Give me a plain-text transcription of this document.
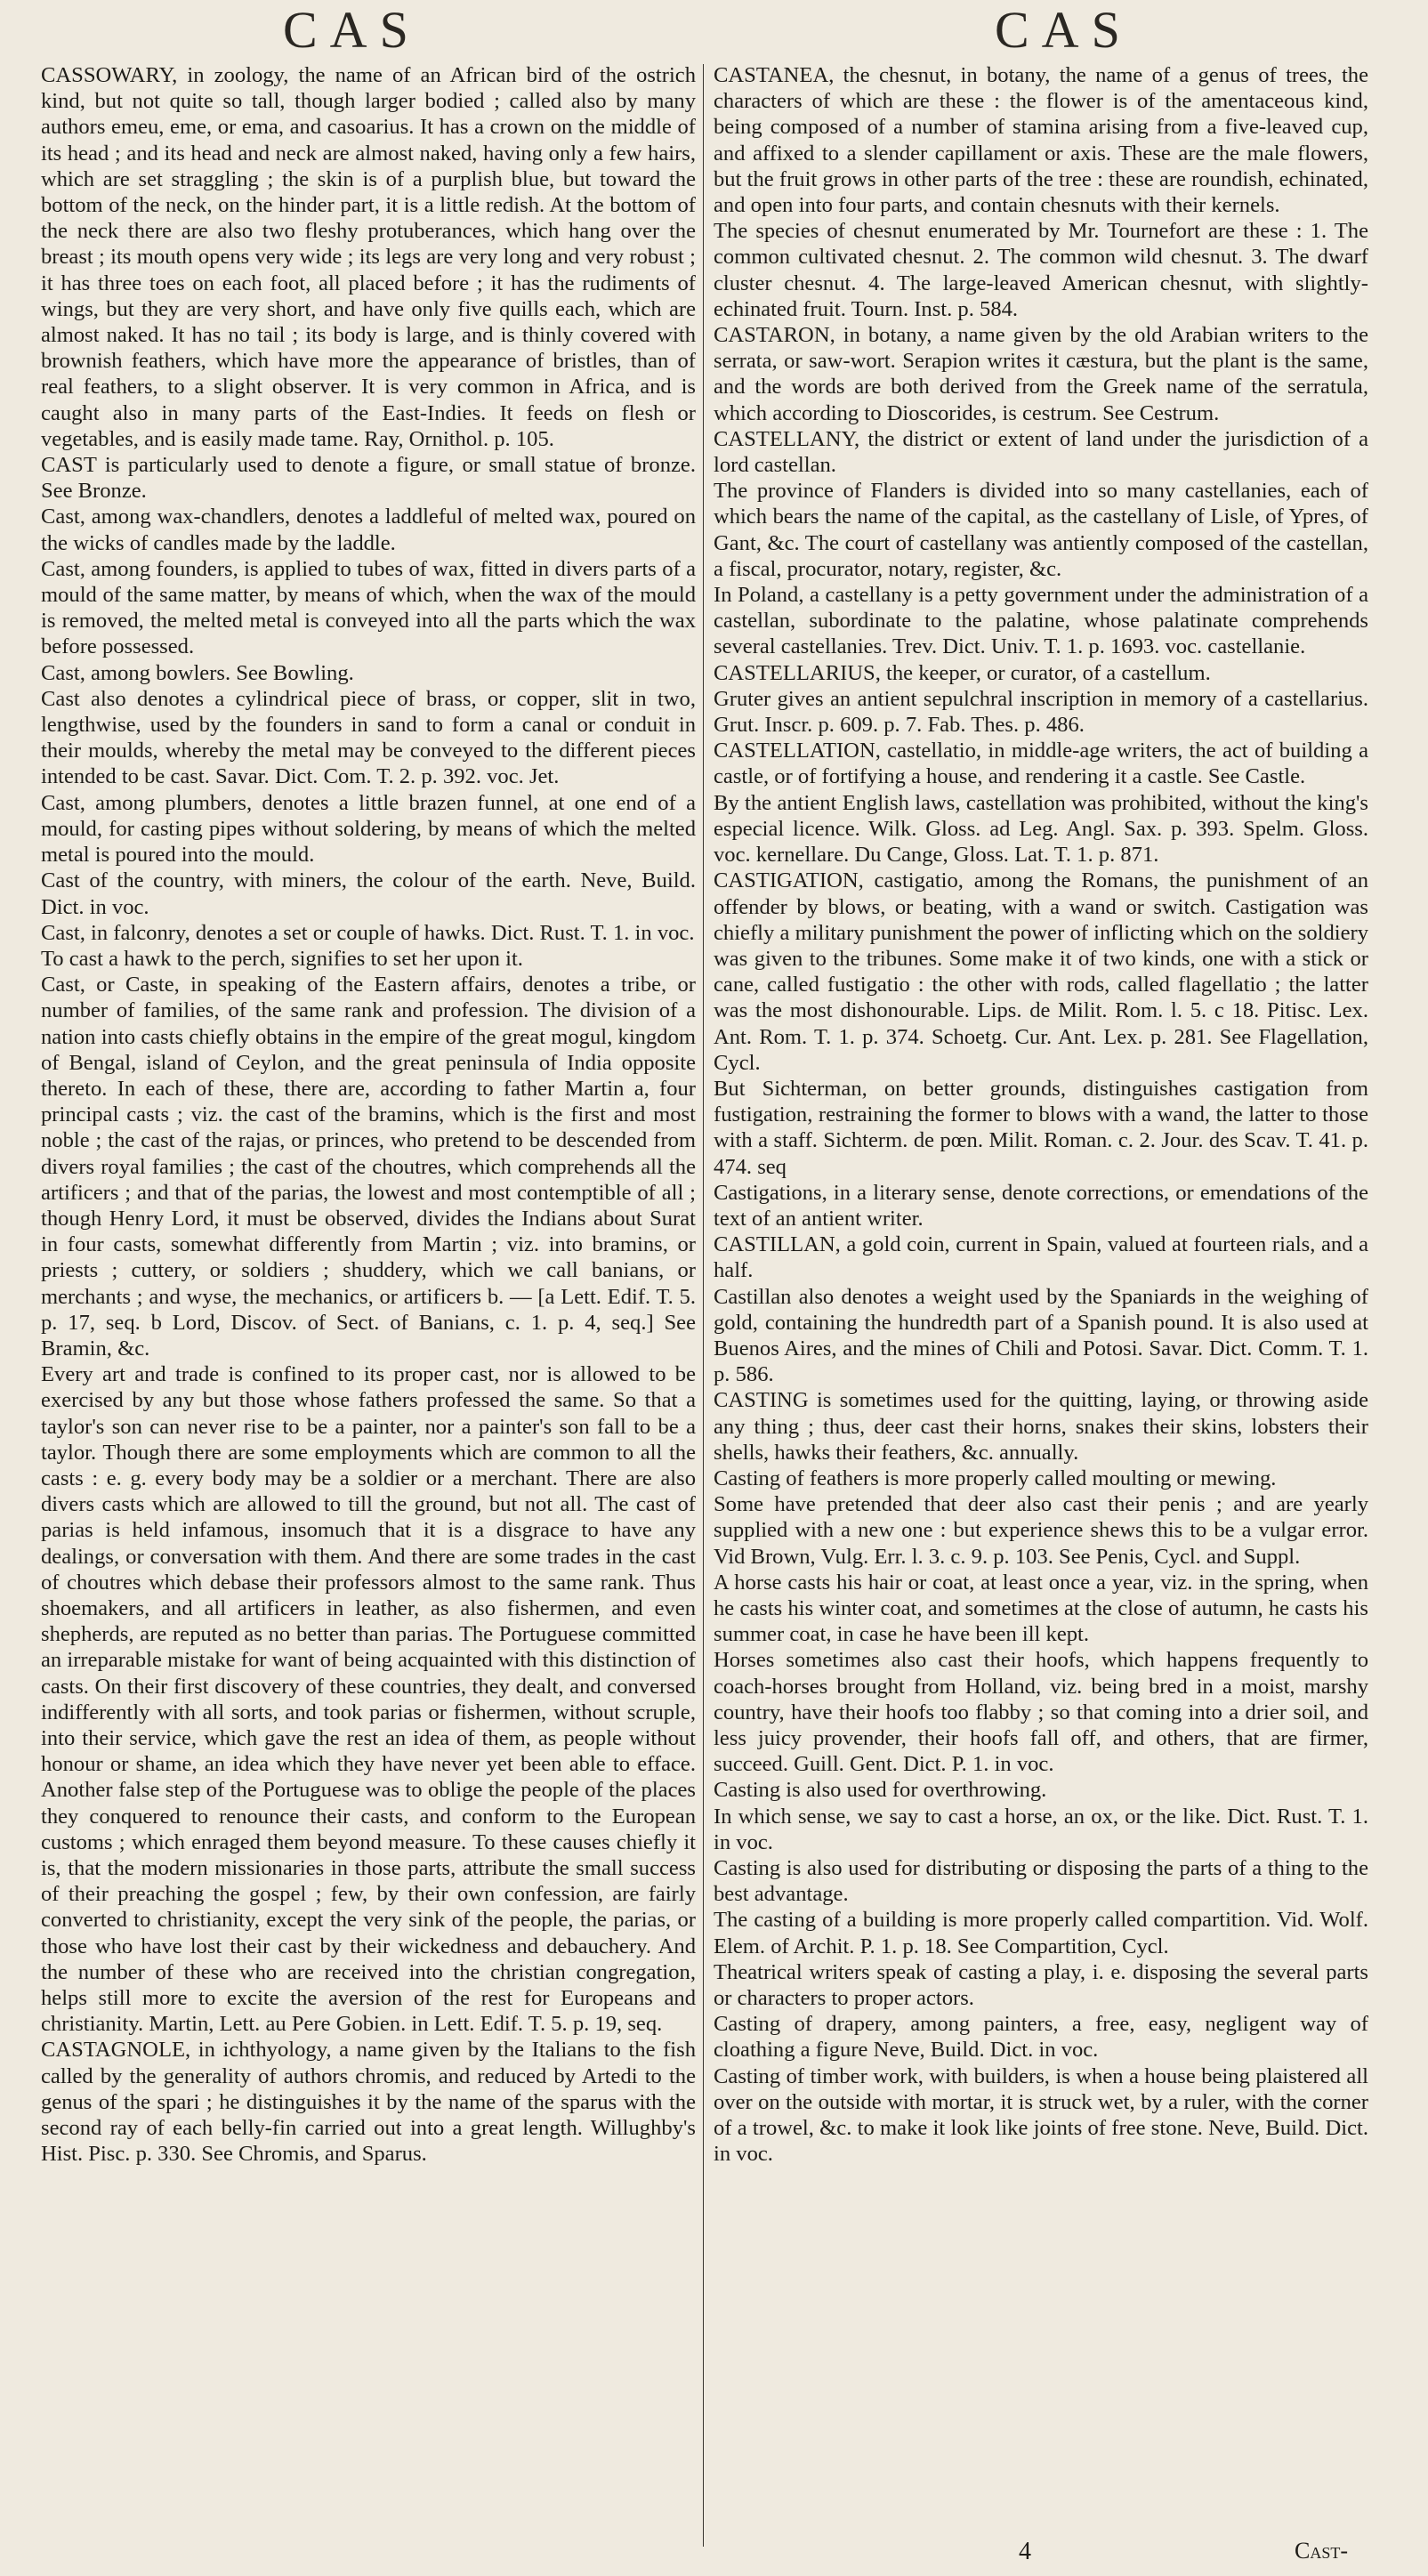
CAS	CAS

CASSOWARY, in zoology, the name of an African bird of the ostrich kind, but not quite so tall, though larger bodied ; called also by many authors emeu, eme, or ema, and casoarius. It has a crown on the middle of its head ; and its head and neck are almost naked, having only a few hairs, which are set straggling ; the skin is of a purplish blue, but toward the bottom of the neck, on the hinder part, it is a little redish. At the bottom of the neck there are also two fleshy protuberances, which hang over the breast ; its mouth opens very wide ; its legs are very long and very robust ; it has three toes on each foot, all placed before ; it has the rudiments of wings, but they are very short, and have only five quills each, which are almost naked. It has no tail ; its body is large, and is thinly covered with brownish feathers, which have more the appearance of bristles, than of real feathers, to a slight observer. It is very common in Africa, and is caught also in many parts of the East-Indies. It feeds on flesh or vegetables, and is easily made tame. Ray, Ornithol. p. 105.

CAST is particularly used to denote a figure, or small statue of bronze. See Bronze.

Cast, among wax-chandlers, denotes a laddleful of melted wax, poured on the wicks of candles made by the laddle.

Cast, among founders, is applied to tubes of wax, fitted in divers parts of a mould of the same matter, by means of which, when the wax of the mould is removed, the melted metal is conveyed into all the parts which the wax before possessed.

Cast, among bowlers. See Bowling.

Cast also denotes a cylindrical piece of brass, or copper, slit in two, lengthwise, used by the founders in sand to form a canal or conduit in their moulds, whereby the metal may be conveyed to the different pieces intended to be cast. Savar. Dict. Com. T. 2. p. 392. voc. Jet.

Cast, among plumbers, denotes a little brazen funnel, at one end of a mould, for casting pipes without soldering, by means of which the melted metal is poured into the mould.

Cast of the country, with miners, the colour of the earth. Neve, Build. Dict. in voc.

Cast, in falconry, denotes a set or couple of hawks. Dict. Rust. T. 1. in voc.

To cast a hawk to the perch, signifies to set her upon it.

Cast, or Caste, in speaking of the Eastern affairs, denotes a tribe, or number of families, of the same rank and profession. The division of a nation into casts chiefly obtains in the empire of the great mogul, kingdom of Bengal, island of Ceylon, and the great peninsula of India opposite thereto. In each of these, there are, according to father Martin a, four principal casts ; viz. the cast of the bramins, which is the first and most noble ; the cast of the rajas, or princes, who pretend to be descended from divers royal families ; the cast of the choutres, which comprehends all the artificers ; and that of the parias, the lowest and most contemptible of all ; though Henry Lord, it must be observed, divides the Indians about Surat in four casts, somewhat differently from Martin ; viz. into bramins, or priests ; cuttery, or soldiers ; shuddery, which we call banians, or merchants ; and wyse, the mechanics, or artificers b. — [a Lett. Edif. T. 5. p. 17, seq. b Lord, Discov. of Sect. of Banians, c. 1. p. 4, seq.] See Bramin, &c.

Every art and trade is confined to its proper cast, nor is allowed to be exercised by any but those whose fathers professed the same. So that a taylor's son can never rise to be a painter, nor a painter's son fall to be a taylor. Though there are some employments which are common to all the casts : e. g. every body may be a soldier or a merchant. There are also divers casts which are allowed to till the ground, but not all. The cast of parias is held infamous, insomuch that it is a disgrace to have any dealings, or conversation with them. And there are some trades in the cast of choutres which debase their professors almost to the same rank. Thus shoemakers, and all artificers in leather, as also fishermen, and even shepherds, are reputed as no better than parias. The Portuguese committed an irreparable mistake for want of being acquainted with this distinction of casts. On their first discovery of these countries, they dealt, and conversed indifferently with all sorts, and took parias or fishermen, without scruple, into their service, which gave the rest an idea of them, as people without honour or shame, an idea which they have never yet been able to efface. Another false step of the Portuguese was to oblige the people of the places they conquered to renounce their casts, and conform to the European customs ; which enraged them beyond measure. To these causes chiefly it is, that the modern missionaries in those parts, attribute the small success of their preaching the gospel ; few, by their own confession, are fairly converted to christianity, except the very sink of the people, the parias, or those who have lost their cast by their wickedness and debauchery. And the number of these who are received into the christian congregation, helps still more to excite the aversion of the rest for Europeans and christianity. Martin, Lett. au Pere Gobien. in Lett. Edif. T. 5. p. 19, seq.

CASTAGNOLE, in ichthyology, a name given by the Italians to the fish called by the generality of authors chromis, and reduced by Artedi to the genus of the spari ; he distinguishes it by the name of the sparus with the second ray of each belly-fin carried out into a great length. Willughby's Hist. Pisc. p. 330. See Chromis, and Sparus.

CASTANEA, the chesnut, in botany, the name of a genus of trees, the characters of which are these : the flower is of the amentaceous kind, being composed of a number of stamina arising from a five-leaved cup, and affixed to a slender capillament or axis. These are the male flowers, but the fruit grows in other parts of the tree : these are roundish, echinated, and open into four parts, and contain chesnuts with their kernels.

The species of chesnut enumerated by Mr. Tournefort are these : 1. The common cultivated chesnut. 2. The common wild chesnut. 3. The dwarf cluster chesnut. 4. The large-leaved American chesnut, with slightly-echinated fruit. Tourn. Inst. p. 584.

CASTARON, in botany, a name given by the old Arabian writers to the serrata, or saw-wort. Serapion writes it cæstura, but the plant is the same, and the words are both derived from the Greek name of the serratula, which according to Dioscorides, is cestrum. See Cestrum.

CASTELLANY, the district or extent of land under the jurisdiction of a lord castellan.

The province of Flanders is divided into so many castellanies, each of which bears the name of the capital, as the castellany of Lisle, of Ypres, of Gant, &c. The court of castellany was antiently composed of the castellan, a fiscal, procurator, notary, register, &c.

In Poland, a castellany is a petty government under the administration of a castellan, subordinate to the palatine, whose palatinate comprehends several castellanies. Trev. Dict. Univ. T. 1. p. 1693. voc. castellanie.

CASTELLARIUS, the keeper, or curator, of a castellum.

Gruter gives an antient sepulchral inscription in memory of a castellarius. Grut. Inscr. p. 609. p. 7. Fab. Thes. p. 486.

CASTELLATION, castellatio, in middle-age writers, the act of building a castle, or of fortifying a house, and rendering it a castle. See Castle.

By the antient English laws, castellation was prohibited, without the king's especial licence. Wilk. Gloss. ad Leg. Angl. Sax. p. 393. Spelm. Gloss. voc. kernellare. Du Cange, Gloss. Lat. T. 1. p. 871.

CASTIGATION, castigatio, among the Romans, the punishment of an offender by blows, or beating, with a wand or switch. Castigation was chiefly a military punishment the power of inflicting which on the soldiery was given to the tribunes. Some make it of two kinds, one with a stick or cane, called fustigatio : the other with rods, called flagellatio ; the latter was the most dishonourable. Lips. de Milit. Rom. l. 5. c 18. Pitisc. Lex. Ant. Rom. T. 1. p. 374. Schoetg. Cur. Ant. Lex. p. 281. See Flagellation, Cycl.

But Sichterman, on better grounds, distinguishes castigation from fustigation, restraining the former to blows with a wand, the latter to those with a staff. Sichterm. de pœn. Milit. Roman. c. 2. Jour. des Scav. T. 41. p. 474. seq

Castigations, in a literary sense, denote corrections, or emendations of the text of an antient writer.

CASTILLAN, a gold coin, current in Spain, valued at fourteen rials, and a half.

Castillan also denotes a weight used by the Spaniards in the weighing of gold, containing the hundredth part of a Spanish pound. It is also used at Buenos Aires, and the mines of Chili and Potosi. Savar. Dict. Comm. T. 1. p. 586.

CASTING is sometimes used for the quitting, laying, or throwing aside any thing ; thus, deer cast their horns, snakes their skins, lobsters their shells, hawks their feathers, &c. annually.

Casting of feathers is more properly called moulting or mewing.

Some have pretended that deer also cast their penis ; and are yearly supplied with a new one : but experience shews this to be a vulgar error. Vid Brown, Vulg. Err. l. 3. c. 9. p. 103. See Penis, Cycl. and Suppl.

A horse casts his hair or coat, at least once a year, viz. in the spring, when he casts his winter coat, and sometimes at the close of autumn, he casts his summer coat, in case he have been ill kept.

Horses sometimes also cast their hoofs, which happens frequently to coach-horses brought from Holland, viz. being bred in a moist, marshy country, have their hoofs too flabby ; so that coming into a drier soil, and less juicy provender, their hoofs fall off, and others, that are firmer, succeed. Guill. Gent. Dict. P. 1. in voc.

Casting is also used for overthrowing.

In which sense, we say to cast a horse, an ox, or the like. Dict. Rust. T. 1. in voc.

Casting is also used for distributing or disposing the parts of a thing to the best advantage.

The casting of a building is more properly called compartition. Vid. Wolf. Elem. of Archit. P. 1. p. 18. See Compartition, Cycl.

Theatrical writers speak of casting a play, i. e. disposing the several parts or characters to proper actors.

Casting of drapery, among painters, a free, easy, negligent way of cloathing a figure Neve, Build. Dict. in voc.

Casting of timber work, with builders, is when a house being plaistered all over on the outside with mortar, it is struck wet, by a ruler, with the corner of a trowel, &c. to make it look like joints of free stone. Neve, Build. Dict. in voc.

4	Cast-
